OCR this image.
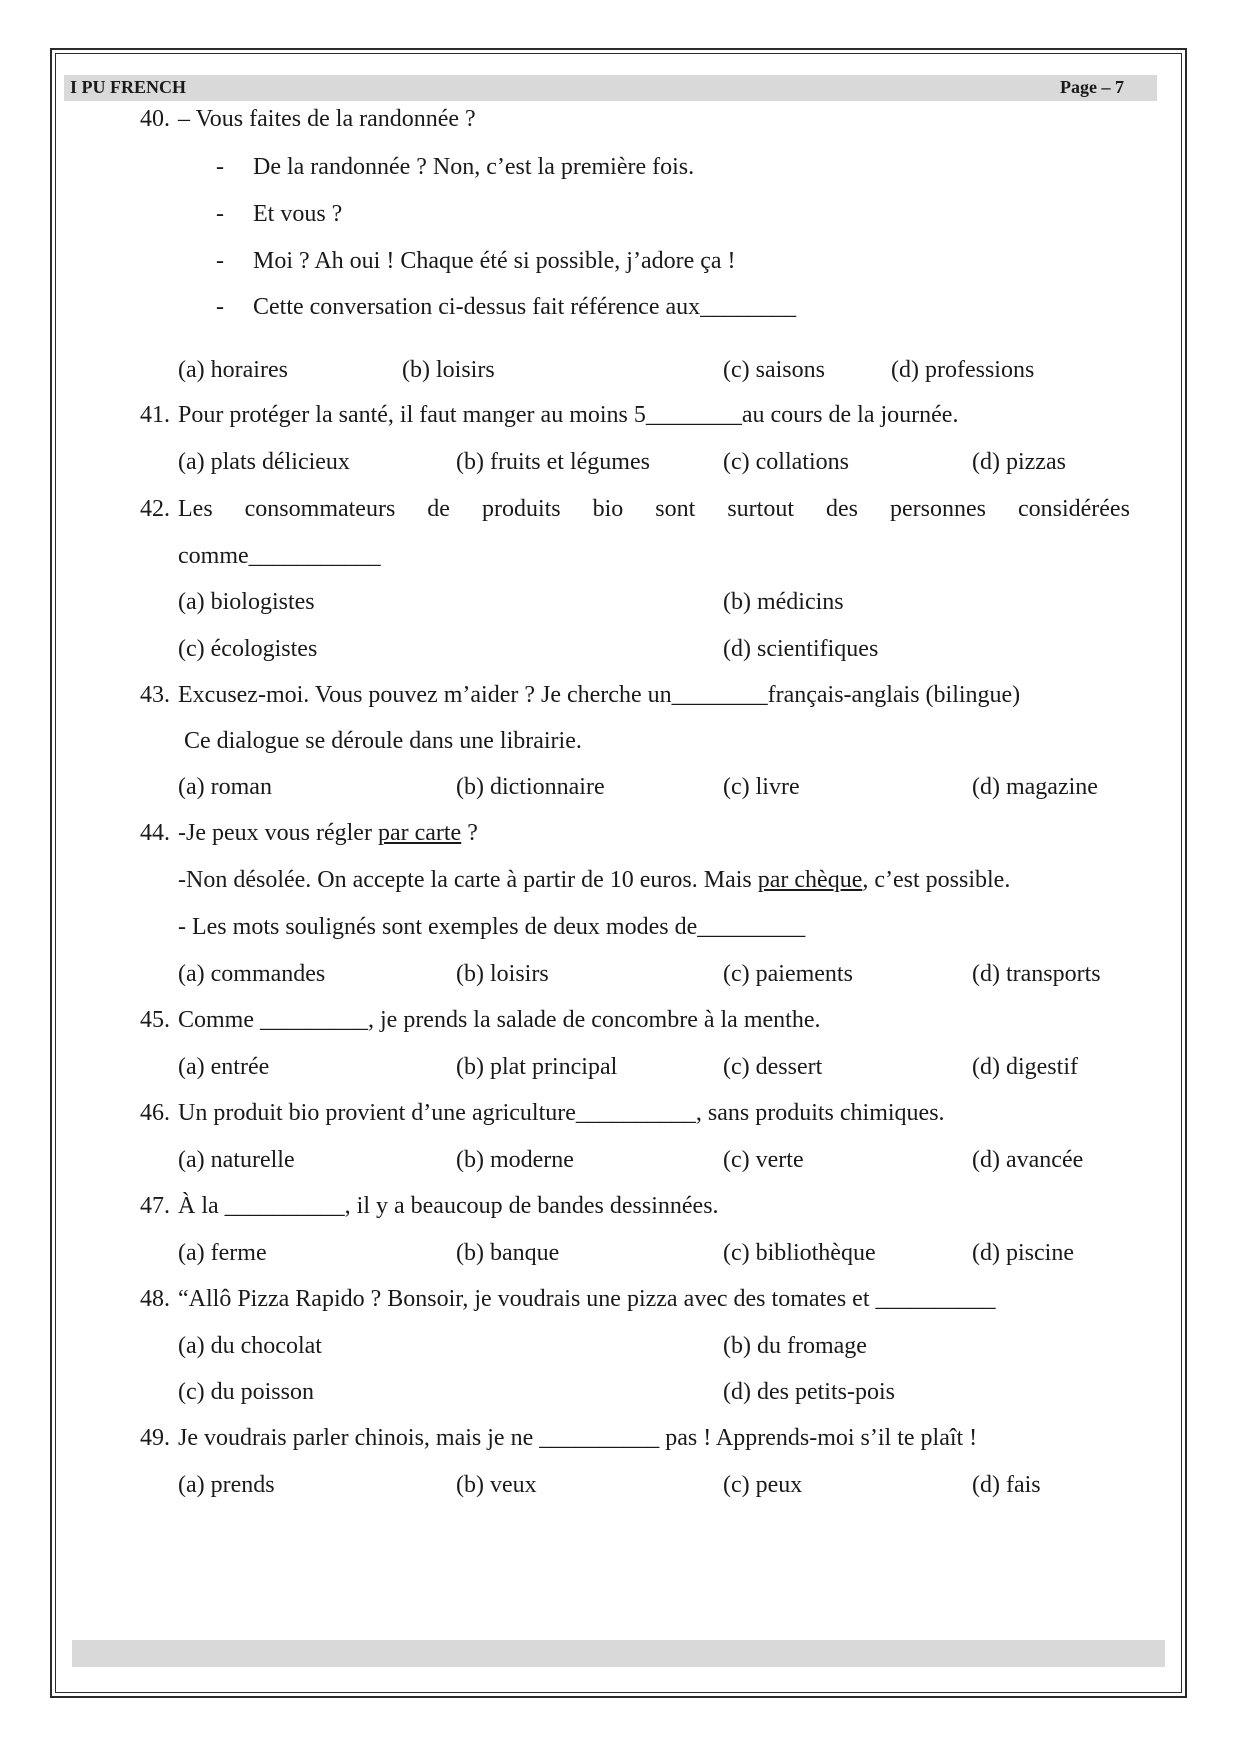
I PU FRENCH	Page – 7
40. – Vous faites de la randonnée ?
- De la randonnée ? Non, c’est la première fois.
- Et vous ?
- Moi ? Ah oui ! Chaque été si possible, j’adore ça !
- Cette conversation ci-dessus fait référence aux________
(a) horaires	(b) loisirs	(c) saisons	(d) professions
41. Pour protéger la santé, il faut manger au moins 5________au cours de la journée.
(a) plats délicieux	(b) fruits et légumes	(c) collations	(d) pizzas
42. Les consommateurs de produits bio sont surtout des personnes considérées
comme___________
(a) biologistes	(b) médicins
(c) écologistes	(d) scientifiques
43. Excusez-moi. Vous pouvez m’aider ? Je cherche un________français-anglais (bilingue)
Ce dialogue se déroule dans une librairie.
(a) roman	(b) dictionnaire	(c) livre	(d) magazine
44. -Je peux vous régler par carte ?
-Non désolée. On accepte la carte à partir de 10 euros. Mais par chèque, c’est possible.
- Les mots soulignés sont exemples de deux modes de_________
(a) commandes	(b) loisirs	(c) paiements	(d) transports
45. Comme _________, je prends la salade de concombre à la menthe.
(a) entrée	(b) plat principal	(c) dessert	(d) digestif
46. Un produit bio provient d’une agriculture__________, sans produits chimiques.
(a) naturelle	(b) moderne	(c) verte	(d) avancée
47. À la __________, il y a beaucoup de bandes dessinnées.
(a) ferme	(b) banque	(c) bibliothèque	(d) piscine
48. “Allô Pizza Rapido ? Bonsoir, je voudrais une pizza avec des tomates et __________
(a) du chocolat	(b) du fromage
(c) du poisson	(d) des petits-pois
49. Je voudrais parler chinois, mais je ne __________ pas ! Apprends-moi s’il te plaît !
(a) prends	(b) veux	(c) peux	(d) fais
